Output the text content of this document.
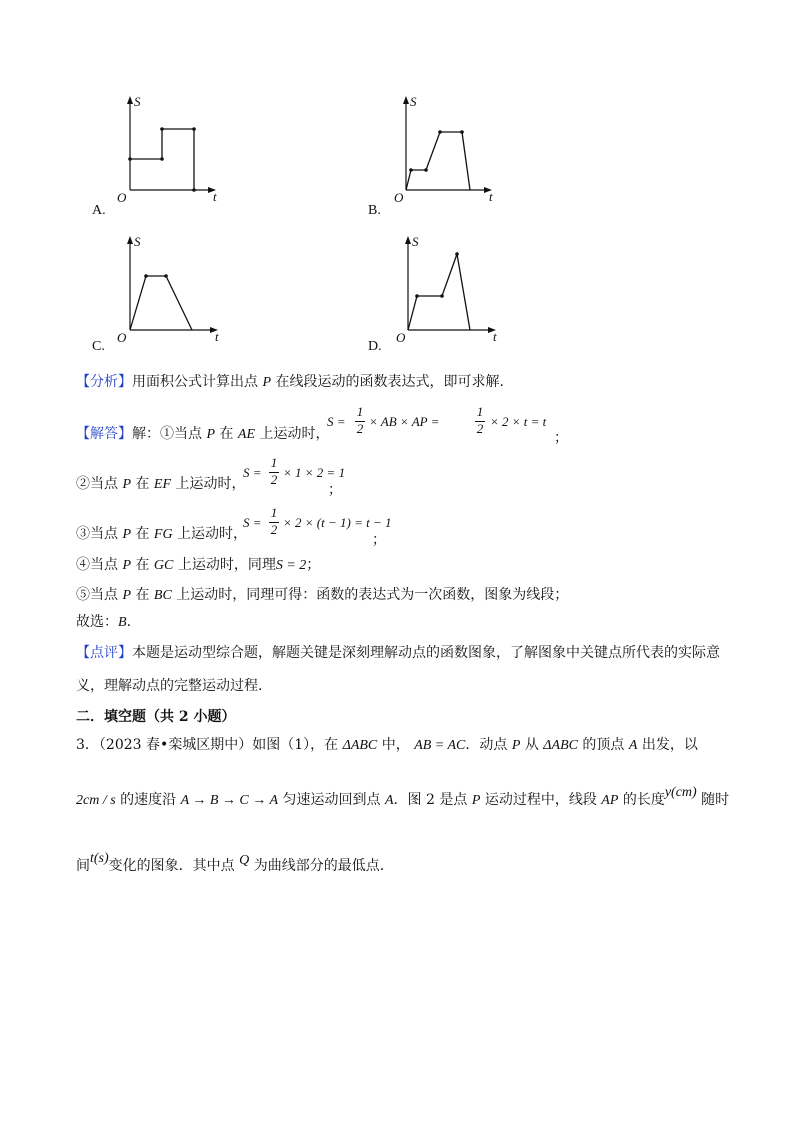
S
t
O
A.
S
t
O
B.
S
t
O
C.
S
t
O
D.
【分析】用面积公式计算出点 P 在线段运动的函数表达式，即可求解.
【解答】解：①当点 P 在 AE 上运动时，
S =
1
2 × AB × AP =
1
2 × 2 × t = t
；
②当点 P 在 EF 上运动时，
S =
1
2 × 1 × 2 = 1
；
③当点 P 在 FG 上运动时，
S =
1
2 × 2 × (t − 1) = t − 1
；
④当点 P 在 GC 上运动时，同理S = 2；
⑤当点 P 在 BC 上运动时，同理可得：函数的表达式为一次函数，图象为线段；
故选：B.
【点评】本题是运动型综合题，解题关键是深刻理解动点的函数图象，了解图象中关键点所代表的实际意
义，理解动点的完整运动过程.
二．填空题（共 2 小题）
3．（2023 春•栾城区期中）如图（1），在 ΔABC 中， AB = AC．动点 P 从 ΔABC 的顶点 A 出发，以
2cm / s 的速度沿 A → B → C → A 匀速运动回到点 A．图 2 是点 P 运动过程中，线段 AP 的长度y(cm) 随时
间t(s)变化的图象．其中点 Q 为曲线部分的最低点．
